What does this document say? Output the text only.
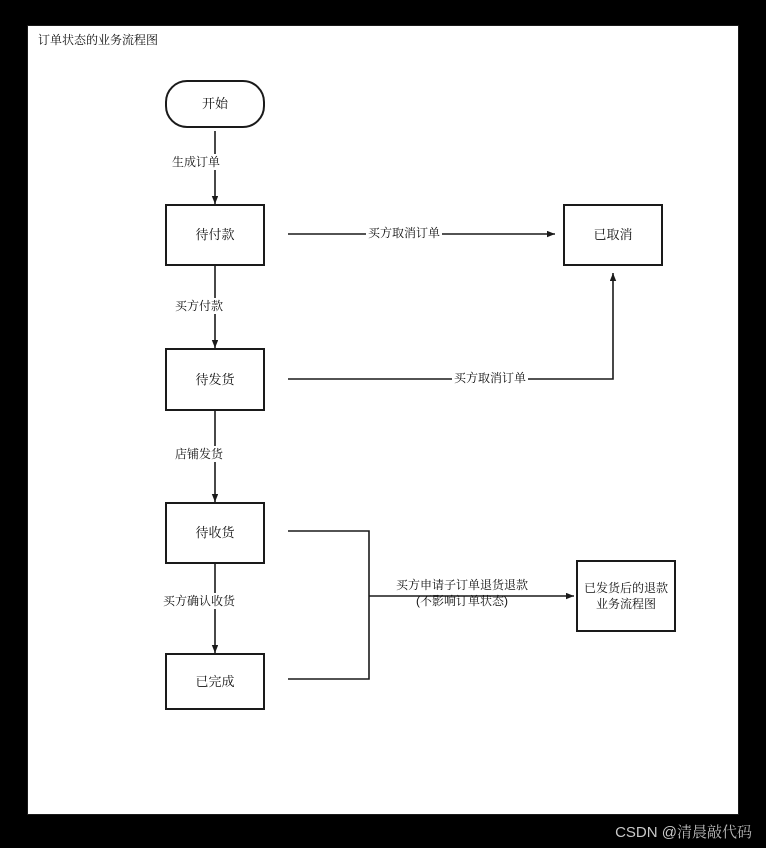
订单状态的业务流程图
开始
待付款
待发货
待收货
已完成
已取消
已发货后的退款业务流程图
生成订单
买方取消订单
买方付款
买方取消订单
店铺发货
买方确认收货
买方申请子订单退货退款
(不影响订单状态)
CSDN @清晨敲代码
